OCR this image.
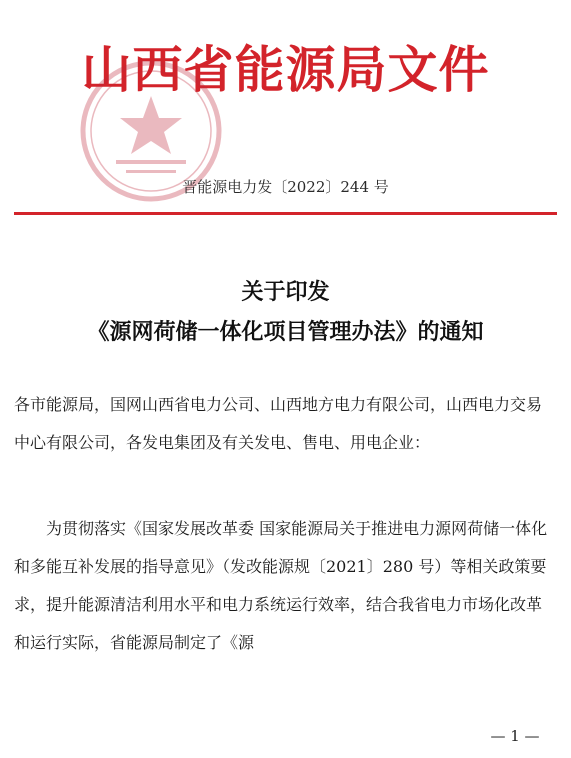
山西省能源局文件
晋能源电力发〔2022〕244 号
关于印发
《源网荷储一体化项目管理办法》的通知
各市能源局，国网山西省电力公司、山西地方电力有限公司，山西电力交易中心有限公司，各发电集团及有关发电、售电、用电企业：
为贯彻落实《国家发展改革委 国家能源局关于推进电力源网荷储一体化和多能互补发展的指导意见》（发改能源规〔2021〕280 号）等相关政策要求，提升能源清洁利用水平和电力系统运行效率，结合我省电力市场化改革和运行实际，省能源局制定了《源
— 1 —
